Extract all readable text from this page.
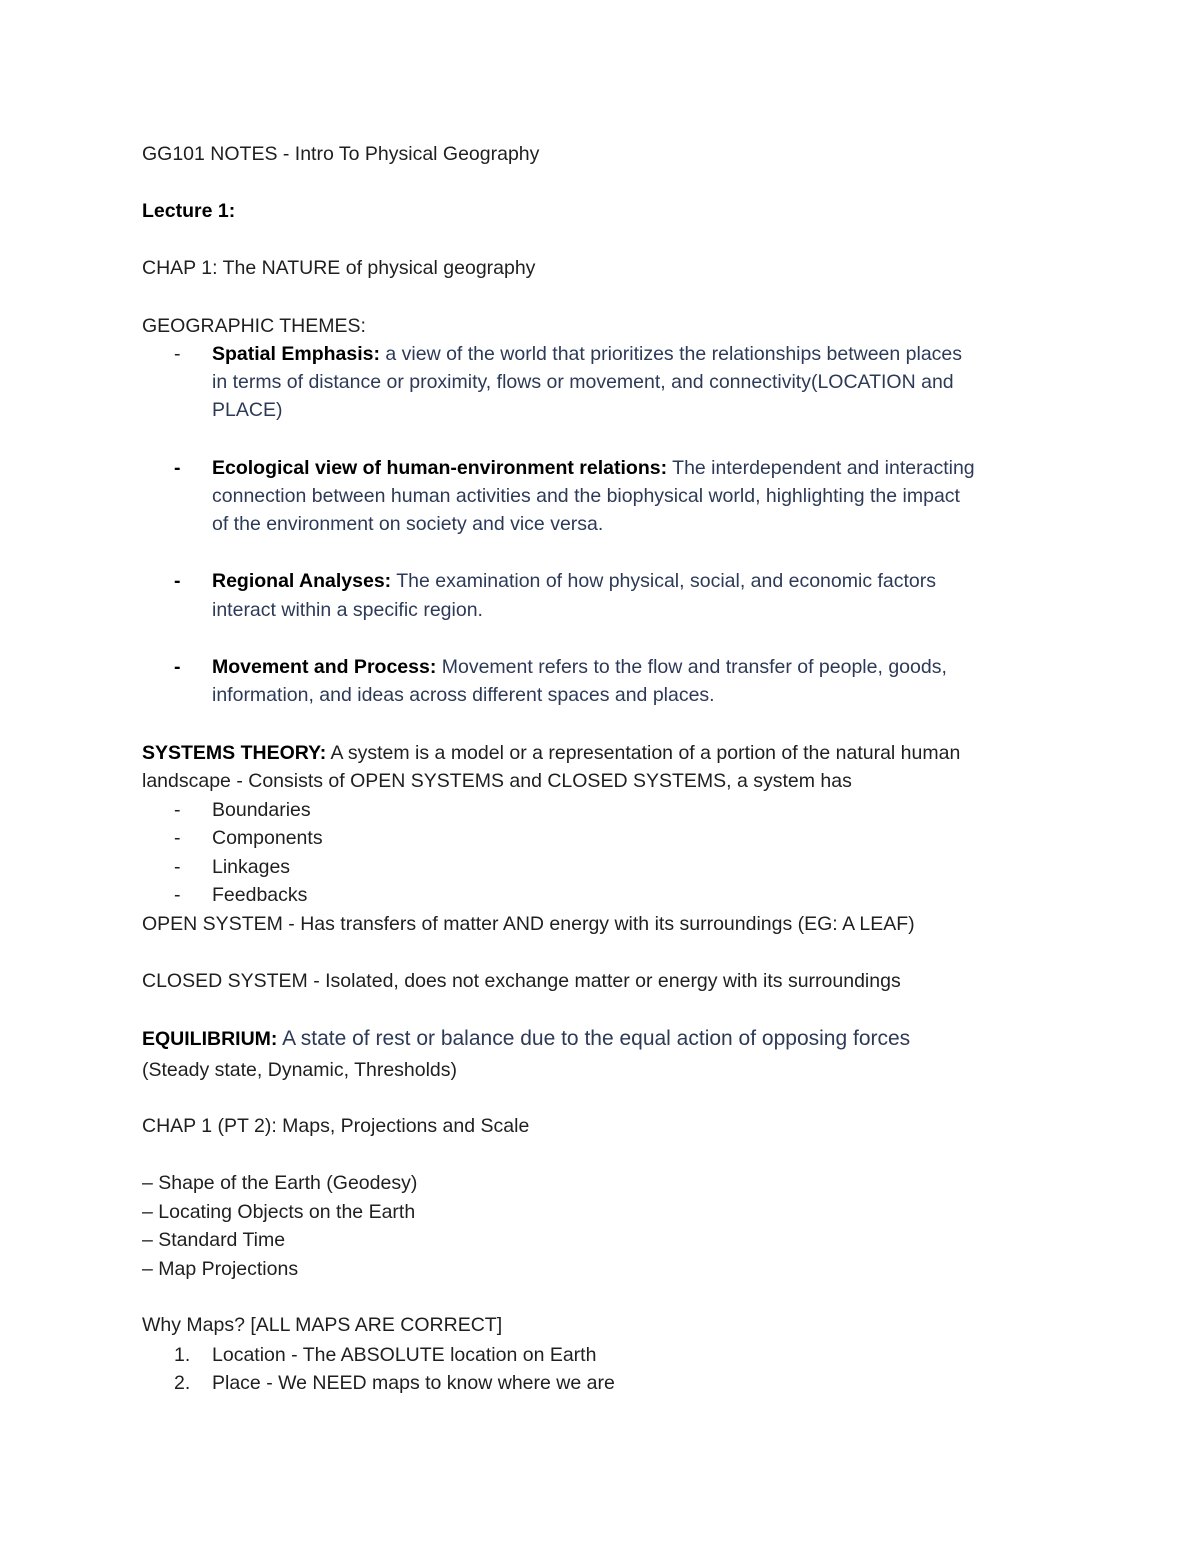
GG101 NOTES - Intro To Physical Geography
Lecture 1:
CHAP 1: The NATURE of physical geography
GEOGRAPHIC THEMES:
- Spatial Emphasis: a view of the world that prioritizes the relationships between places
in terms of distance or proximity, flows or movement, and connectivity(LOCATION and
PLACE)
- Ecological view of human-environment relations: The interdependent and interacting
connection between human activities and the biophysical world, highlighting the impact
of the environment on society and vice versa.
- Regional Analyses: The examination of how physical, social, and economic factors
interact within a specific region.
- Movement and Process: Movement refers to the flow and transfer of people, goods,
information, and ideas across different spaces and places.
SYSTEMS THEORY: A system is a model or a representation of a portion of the natural human
landscape - Consists of OPEN SYSTEMS and CLOSED SYSTEMS, a system has
- Boundaries
- Components
- Linkages
- Feedbacks
OPEN SYSTEM - Has transfers of matter AND energy with its surroundings (EG: A LEAF)
CLOSED SYSTEM - Isolated, does not exchange matter or energy with its surroundings
EQUILIBRIUM: A state of rest or balance due to the equal action of opposing forces
(Steady state, Dynamic, Thresholds)
CHAP 1 (PT 2): Maps, Projections and Scale
– Shape of the Earth (Geodesy)
– Locating Objects on the Earth
– Standard Time
– Map Projections
Why Maps? [ALL MAPS ARE CORRECT]
1. Location - The ABSOLUTE location on Earth
2. Place - We NEED maps to know where we are
